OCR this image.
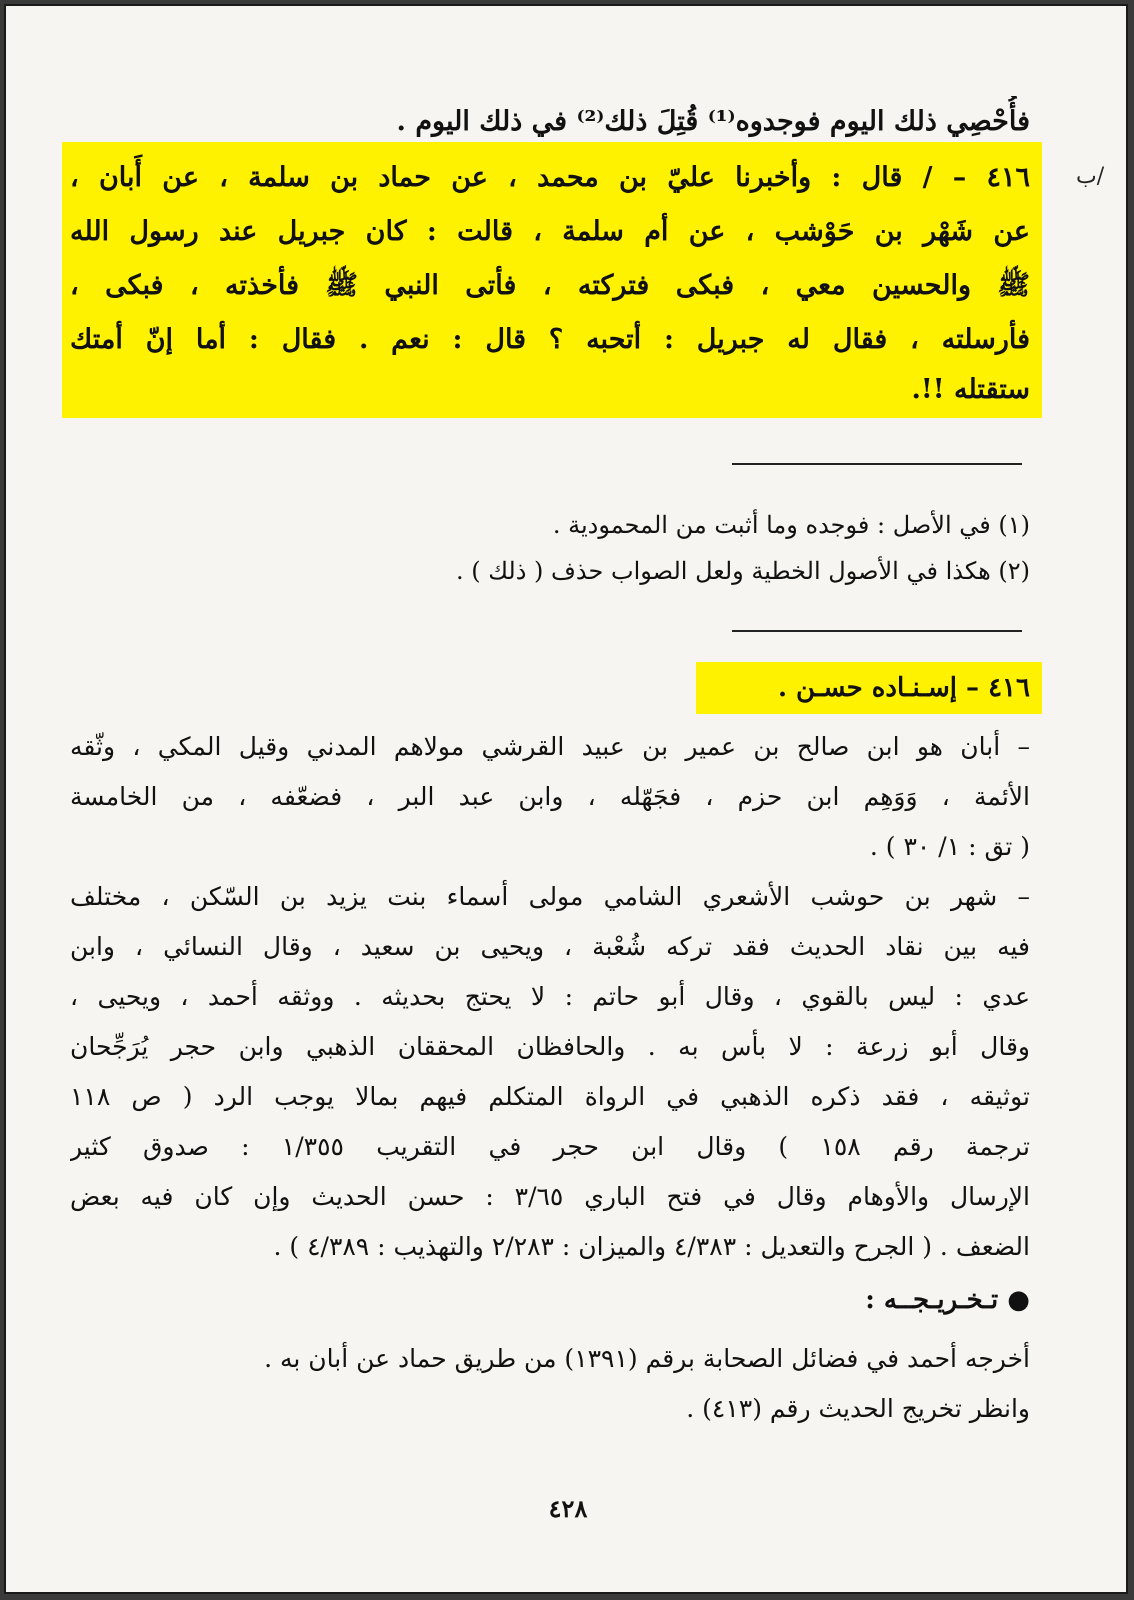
فأُحْصِي ذلك اليوم فوجدوه⁽¹⁾ قُتِلَ ذلك⁽²⁾ في ذلك اليوم .
/ب
٤١٦ – / قال : وأخبرنا عليّ بن محمد ، عن حماد بن سلمة ، عن أَبان ،
عن شَهْر بن حَوْشب ، عن أم سلمة ، قالت : كان جبريل عند رسول الله
ﷺ والحسين معي ، فبكى فتركته ، فأتى النبي ﷺ فأخذته ، فبكى ،
فأرسلته ، فقال له جبريل : أتحبه ؟ قال : نعم . فقال : أما إنّ أمتك
ستقتله !!.
(١) في الأصل : فوجده وما أثبت من المحمودية .
(٢) هكذا في الأصول الخطية ولعل الصواب حذف ( ذلك ) .
٤١٦ – إسـنـاده حسـن .
– أبان هو ابن صالح بن عمير بن عبيد القرشي مولاهم المدني وقيل المكي ، وثّقه
الأئمة ، وَوَهِم ابن حزم ، فجَهّله ، وابن عبد البر ، فضعّفه ، من الخامسة
( تق : ١/ ٣٠ ) .
– شهر بن حوشب الأشعري الشامي مولى أسماء بنت يزيد بن السّكن ، مختلف
فيه بين نقاد الحديث فقد تركه شُعْبة ، ويحيى بن سعيد ، وقال النسائي ، وابن
عدي : ليس بالقوي ، وقال أبو حاتم : لا يحتج بحديثه . ووثقه أحمد ، ويحيى ،
وقال أبو زرعة : لا بأس به . والحافظان المحققان الذهبي وابن حجر يُرَجِّحان
توثيقه ، فقد ذكره الذهبي في الرواة المتكلم فيهم بمالا يوجب الرد ( ص ١١٨
ترجمة رقم ١٥٨ ) وقال ابن حجر في التقريب ١/٣٥٥ : صدوق كثير
الإرسال والأوهام وقال في فتح الباري ٣/٦٥ : حسن الحديث وإن كان فيه بعض
الضعف . ( الجرح والتعديل : ٤/٣٨٣ والميزان : ٢/٢٨٣ والتهذيب : ٤/٣٨٩ ) .
● تـخـريـجــه :
أخرجه أحمد في فضائل الصحابة برقم (١٣٩١) من طريق حماد عن أبان به .
وانظر تخريج الحديث رقم (٤١٣) .
٤٢٨
